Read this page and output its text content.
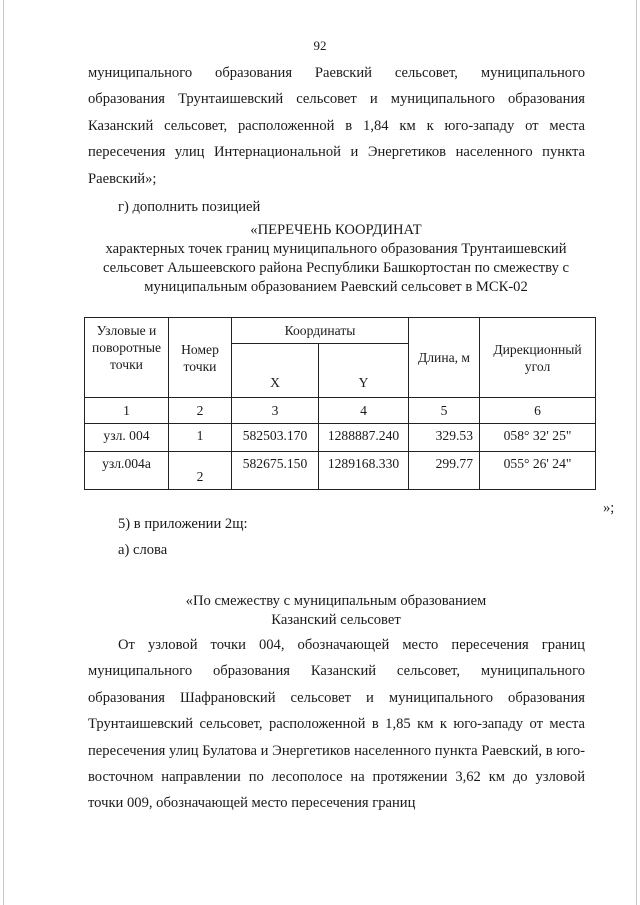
92

муниципального образования Раевский сельсовет, муниципального образования Трунтаишевский сельсовет и муниципального образования Казанский сельсовет, расположенной в 1,84 км к юго-западу от места пересечения улиц Интернациональной и Энергетиков населенного пункта Раевский»;

г) дополнить позицией
«ПЕРЕЧЕНЬ КООРДИНАТ
характерных точек границ муниципального образования Трунтаишевский
сельсовет Альшеевского района Республики Башкортостан по смежеству с
муниципальным образованием Раевский сельсовет в МСК-02
Узловые и поворотные точки	Номер точки	Координаты		Длина, м	Дирекционный угол
		X	Y		
1	2	3	4	5	6
узл. 004	1	582503.170	1288887.240	329.53	058° 32' 25"
узл.004а	2	582675.150	1289168.330	299.77	055° 26' 24"
»;
5) в приложении 2щ:
а) слова
«По смежеству с муниципальным образованием
Казанский сельсовет

От узловой точки 004, обозначающей место пересечения границ муниципального образования Казанский сельсовет, муниципального образования Шафрановский сельсовет и муниципального образования Трунтаишевский сельсовет, расположенной в 1,85 км к юго-западу от места пересечения улиц Булатова и Энергетиков населенного пункта Раевский, в юго-восточном направлении по лесополосе на протяжении 3,62 км до узловой точки 009, обозначающей место пересечения границ
